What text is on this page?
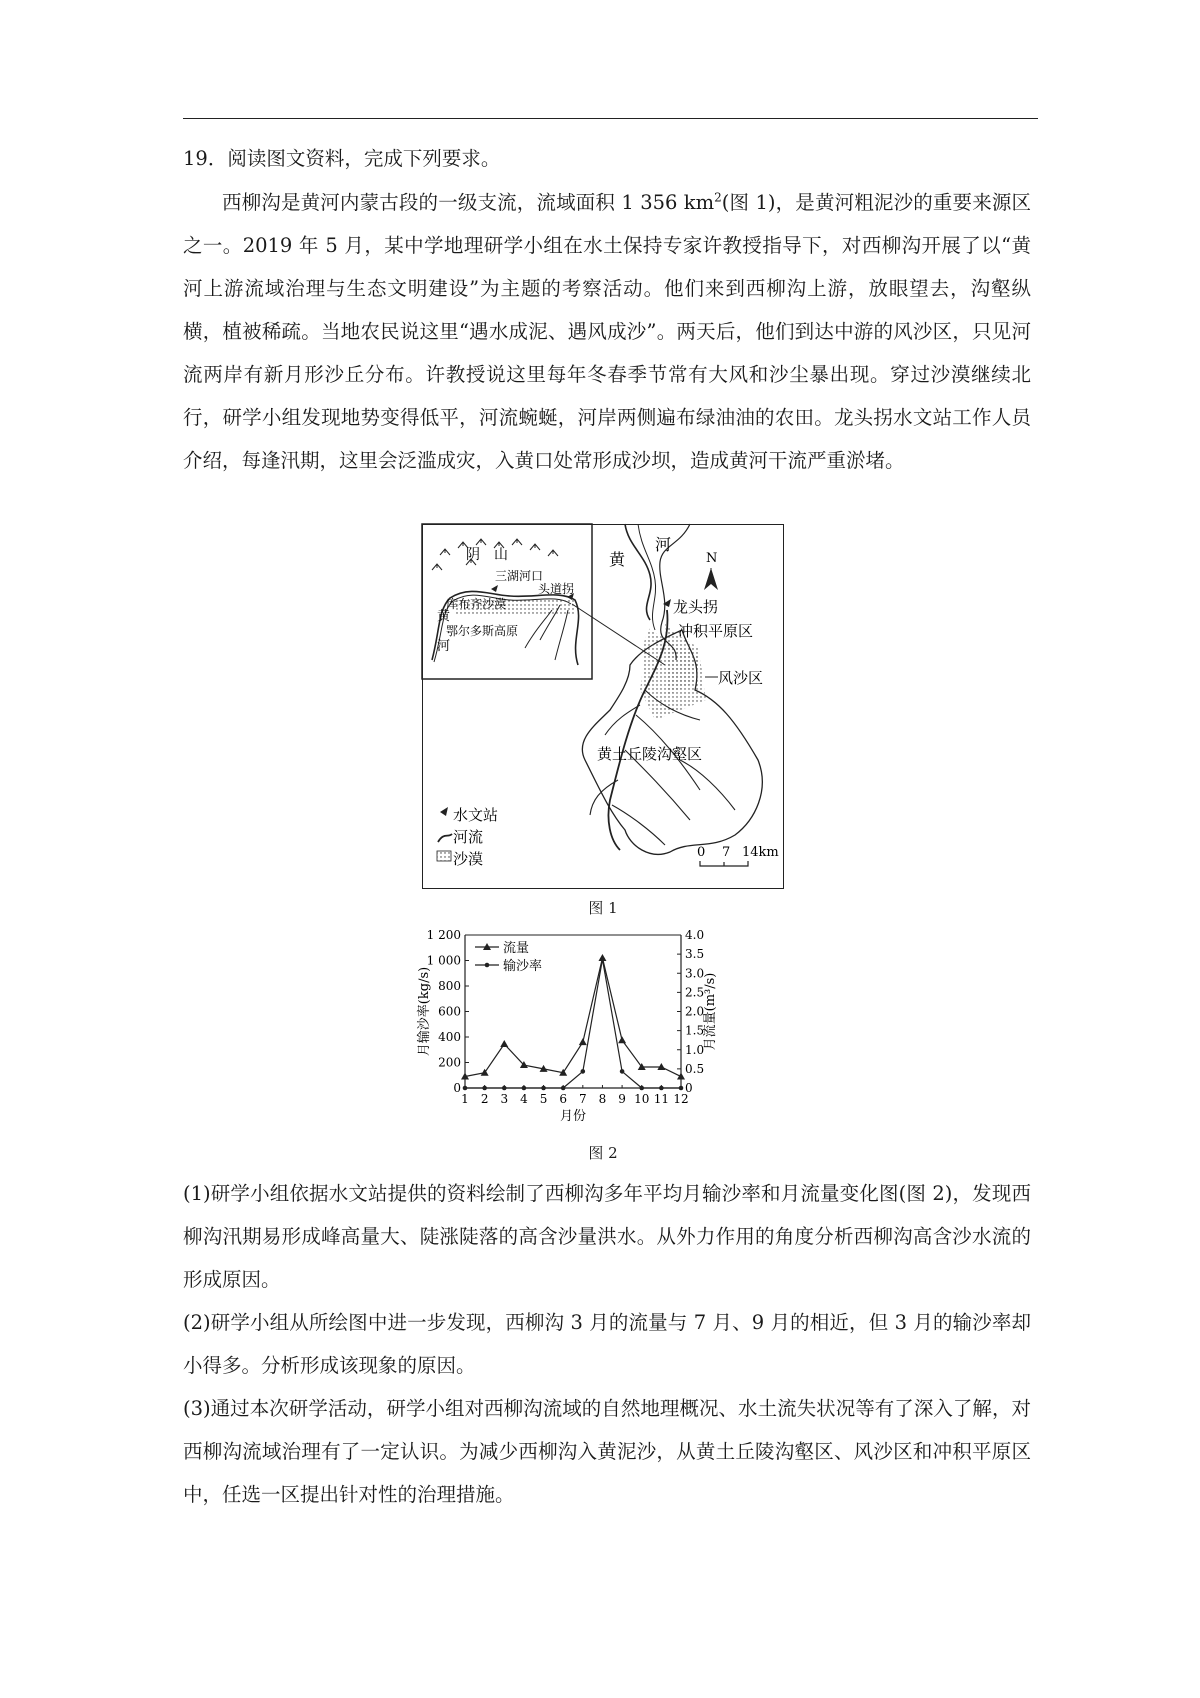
19．阅读图文资料，完成下列要求。

西柳沟是黄河内蒙古段的一级支流，流域面积 1 356 $km^2$(图 1)，是黄河粗泥沙的重要来源区之一。2019 年 5 月，某中学地理研学小组在水土保持专家许教授指导下，对西柳沟开展了以“黄河上游流域治理与生态文明建设”为主题的考察活动。他们来到西柳沟上游，放眼望去，沟壑纵横，植被稀疏。当地农民说这里“遇水成泥、遇风成沙”。两天后，他们到达中游的风沙区，只见河流两岸有新月形沙丘分布。许教授说这里每年冬春季节常有大风和沙尘暴出现。穿过沙漠继续北行，研学小组发现地势变得低平，河流蜿蜒，河岸两侧遍布绿油油的农田。龙头拐水文站工作人员介绍，每逢汛期，这里会泛滥成灾，入黄口处常形成沙坝，造成黄河干流严重淤堵。

阴　山
三湖河口
头道拐
库布齐沙漠
黄
河
鄂尔多斯高原
黄
河
N
龙头拐
冲积平原区
风沙区
黄土丘陵沟壑区
水文站
河流
沙漠	0 7 14km
图 1
0
200
400
600
800
1 000
1 200
0
0.5
1.0
1.5
2.0
2.5
3.0
3.5
4.0
1 2 3 4 5 6 7 8 9 10 11 12
月份
月输沙率(kg/s)	月流量(m³/s)
流量
输沙率
图 2

(1)研学小组依据水文站提供的资料绘制了西柳沟多年平均月输沙率和月流量变化图(图 2)，发现西柳沟汛期易形成峰高量大、陡涨陡落的高含沙量洪水。从外力作用的角度分析西柳沟高含沙水流的形成原因。

(2)研学小组从所绘图中进一步发现，西柳沟 3 月的流量与 7 月、9 月的相近，但 3 月的输沙率却小得多。分析形成该现象的原因。

(3)通过本次研学活动，研学小组对西柳沟流域的自然地理概况、水土流失状况等有了深入了解，对西柳沟流域治理有了一定认识。为减少西柳沟入黄泥沙，从黄土丘陵沟壑区、风沙区和冲积平原区中，任选一区提出针对性的治理措施。
